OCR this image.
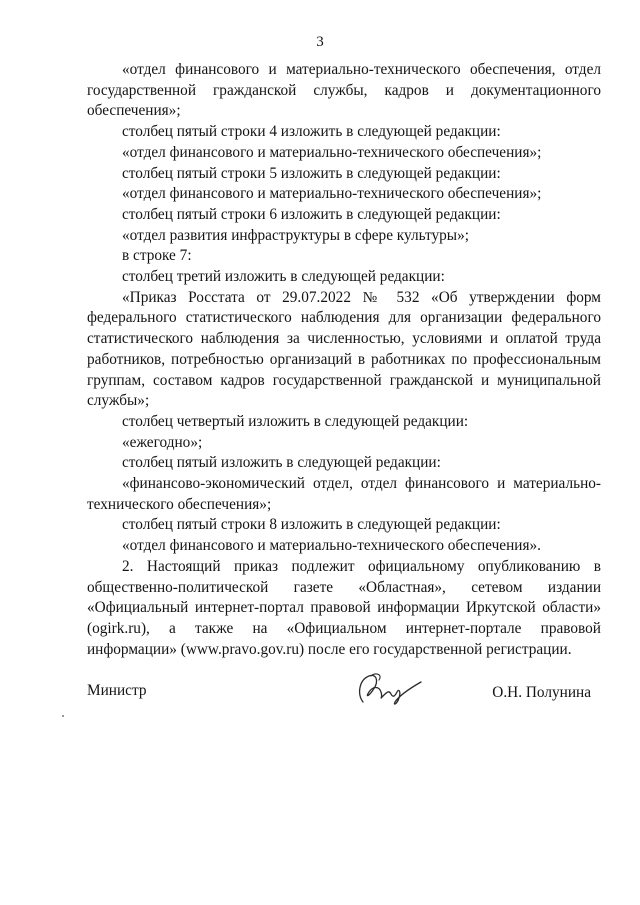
3

«отдел финансового и материально-технического обеспечения, отдел государственной гражданской службы, кадров и документационного обеспечения»;

столбец пятый строки 4 изложить в следующей редакции:

«отдел финансового и материально-технического обеспечения»;

столбец пятый строки 5 изложить в следующей редакции:

«отдел финансового и материально-технического обеспечения»;

столбец пятый строки 6 изложить в следующей редакции:

«отдел развития инфраструктуры в сфере культуры»;

в строке 7:

столбец третий изложить в следующей редакции:

«Приказ Росстата от 29.07.2022 № 532 «Об утверждении форм федерального статистического наблюдения для организации федерального статистического наблюдения за численностью, условиями и оплатой труда работников, потребностью организаций в работниках по профессиональным группам, составом кадров государственной гражданской и муниципальной службы»;

столбец четвертый изложить в следующей редакции:

«ежегодно»;

столбец пятый изложить в следующей редакции:

«финансово-экономический отдел, отдел финансового и материально-технического обеспечения»;

столбец пятый строки 8 изложить в следующей редакции:

«отдел финансового и материально-технического обеспечения».

2. Настоящий приказ подлежит официальному опубликованию в общественно-политической газете «Областная», сетевом издании «Официальный интернет-портал правовой информации Иркутской области» (ogirk.ru), а также на «Официальном интернет-портале правовой информации» (www.pravo.gov.ru) после его государственной регистрации.

Министр	О.Н. Полунина
